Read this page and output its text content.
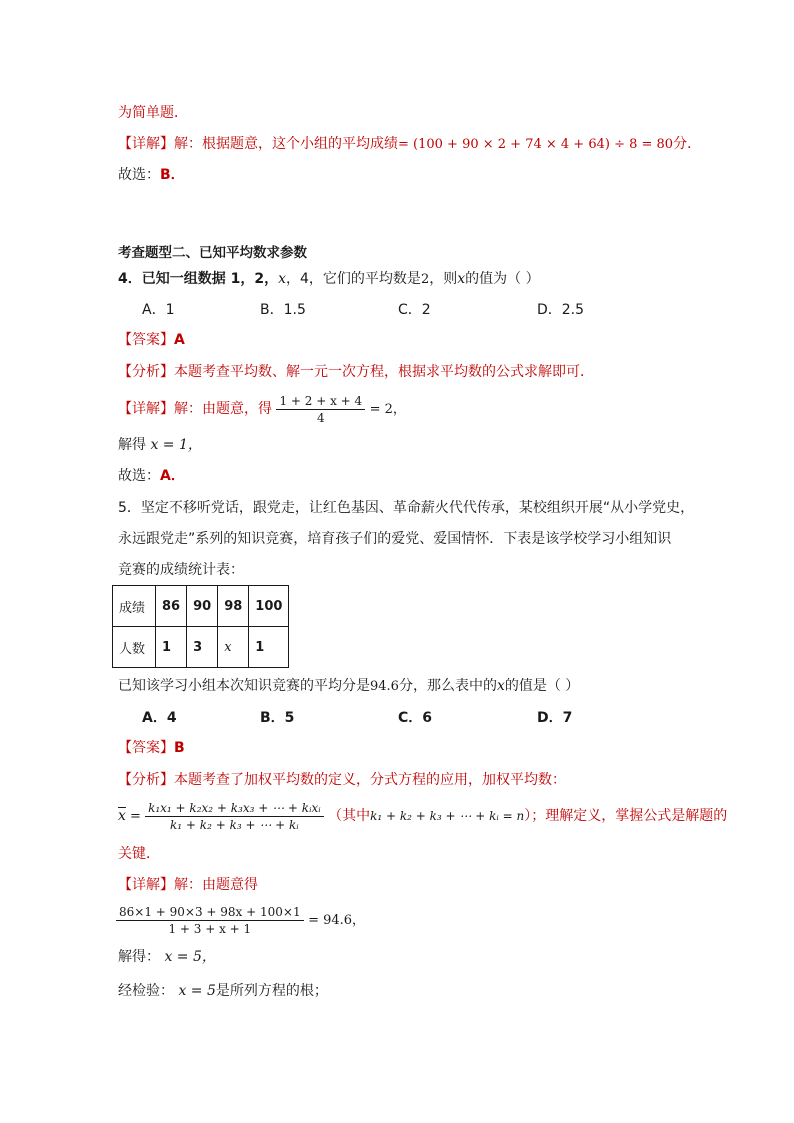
为简单题．
【详解】解：根据题意，这个小组的平均成绩= (100 + 90 × 2 + 74 × 4 + 64) ÷ 8 = 80分．
故选：B．
考查题型二、已知平均数求参数
4．已知一组数据 1，2，x，4，它们的平均数是2，则x的值为（ ）
A．1	B．1.5	C．2	D．2.5
【答案】A
【分析】本题考查平均数、解一元一次方程，根据求平均数的公式求解即可．
【详解】解：由题意，得 $\frac{1 + 2 + x + 4}{4} = 2$，
解得 x = 1，
故选：A．
5．坚定不移听党话，跟党走，让红色基因、革命薪火代代传承，某校组织开展“从小学党史，
永远跟党走”系列的知识竞赛，培育孩子们的爱党、爱国情怀．下表是该学校学习小组知识
竞赛的成绩统计表：
成绩	86	90	98	100
人数	1	3	x	1
已知该学习小组本次知识竞赛的平均分是94.6分，那么表中的x的值是（ ）
A．4	B．5	C．6	D．7
【答案】B
【分析】本题考查了加权平均数的定义，分式方程的应用，加权平均数：
$\overline{x} = \frac{\text{k₁x₁ + k₂x₂ + k₃x₃ + ⋯ + kᵢxᵢ}}{\text{k₁ + k₂ + k₃ + ⋯ + kᵢ}}$ （其中k₁ + k₂ + k₃ + ⋯ + kᵢ = n）；理解定义，掌握公式是解题的
关键．
【详解】解：由题意得
$\frac{86\times 1 + 90\times 3 + 98x + 100\times 1}{1 + 3 + x + 1} = 94.6$，
解得： x = 5，
经检验： x = 5是所列方程的根；
